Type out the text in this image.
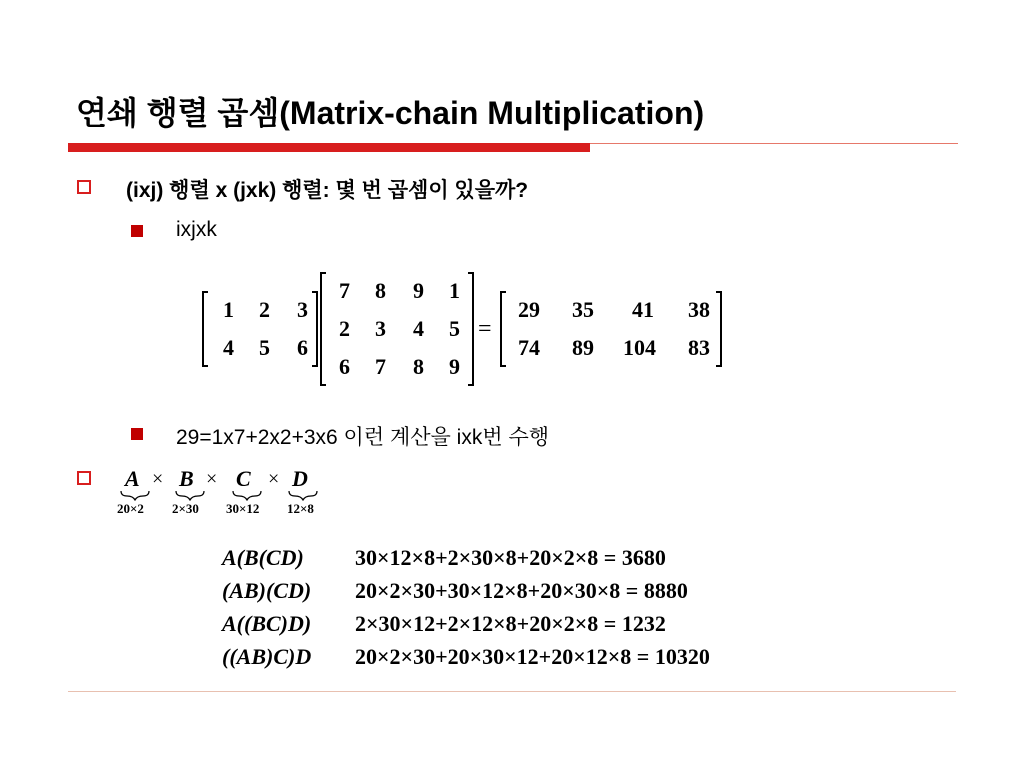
연쇄 행렬 곱셈(Matrix-chain Multiplication)
(ixj) 행렬 x (jxk) 행렬: 몇 번 곱셈이 있을까?
ixjxk
1	2	3
4	5	6
7	8	9	1
2	3	4	5
6	7	8	9
=
29	35	41	38
74	89	104	83
29=1x7+2x2+3x6 이런 계산을 ixk번 수행
A × B × C × D
20×2 2×30 30×12 12×8
A(B(CD) 30×12×8+2×30×8+20×2×8 = 3680
(AB)(CD) 20×2×30+30×12×8+20×30×8 = 8880
A((BC)D) 2×30×12+2×12×8+20×2×8 = 1232
((AB)C)D 20×2×30+20×30×12+20×12×8 = 10320
